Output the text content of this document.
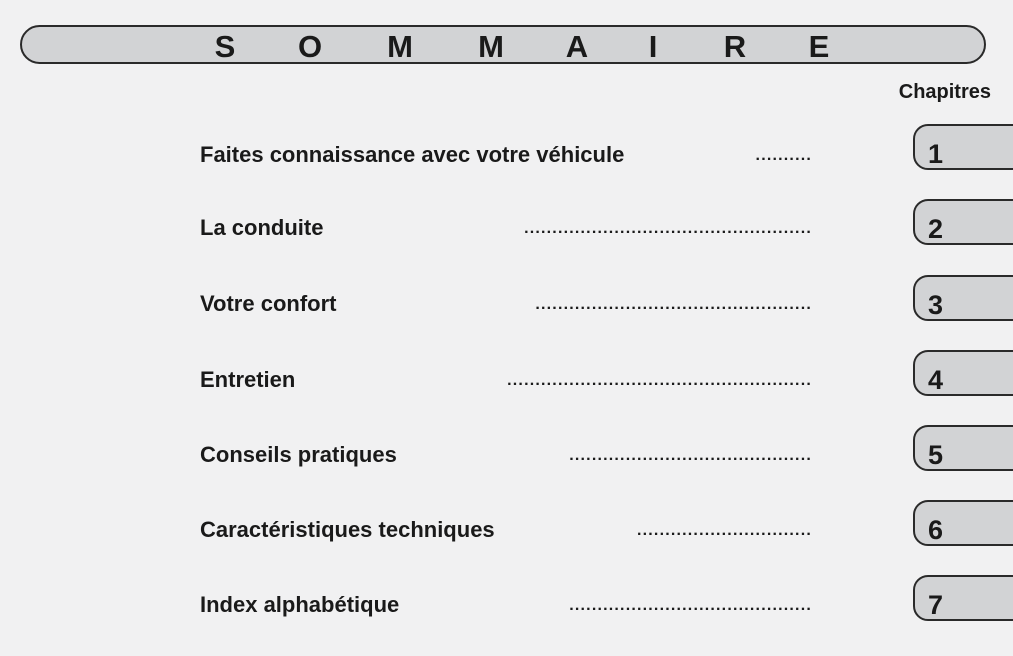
S O M M A I R E
Chapitres
Faites connaissance avec votre véhicule	..........	1
La conduite	...................................................	2
Votre confort	.................................................	3
Entretien	......................................................	4
Conseils pratiques	...........................................	5
Caractéristiques techniques	...............................	6
Index alphabétique	...........................................	7
